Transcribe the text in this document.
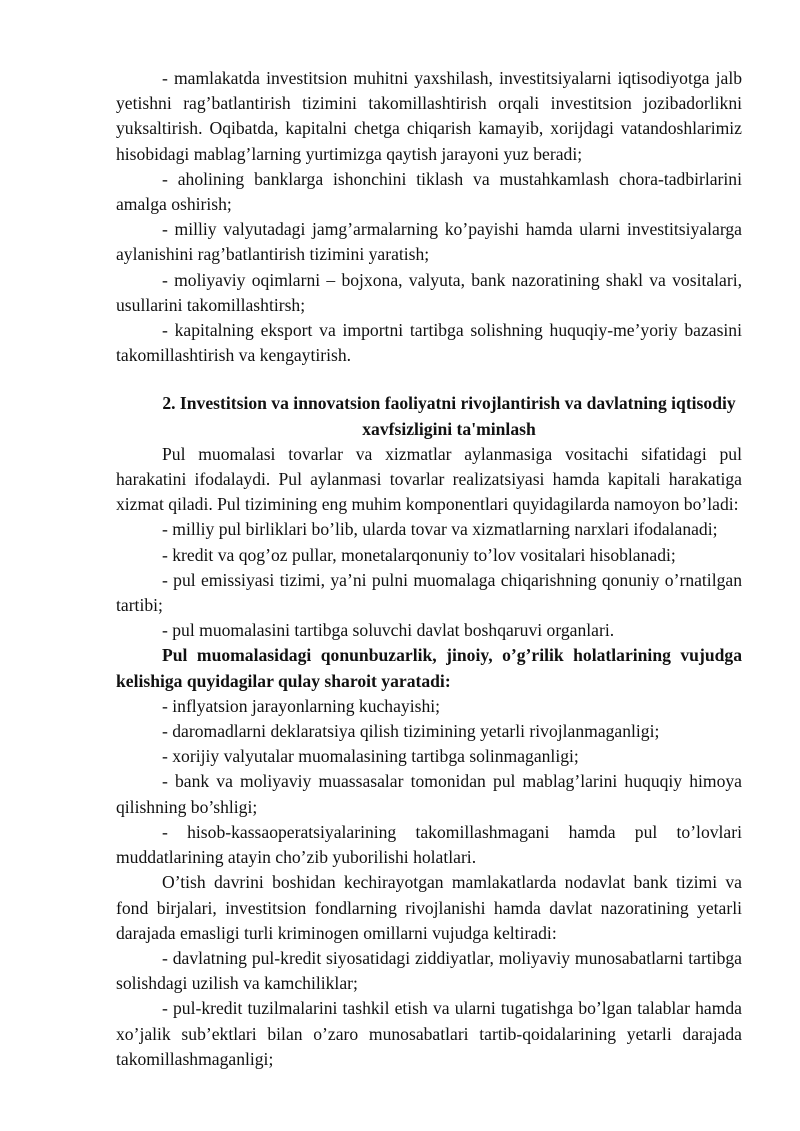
- mamlakatda investitsion muhitni yaxshilash, investitsiyalarni iqtisodiyotga jalb yetishni rag’batlantirish tizimini takomillashtirish orqali investitsion jozibadorlikni yuksaltirish. Oqibatda, kapitalni chetga chiqarish kamayib, xorijdagi vatandoshlarimiz hisobidagi mablag’larning yurtimizga qaytish jarayoni yuz beradi;

- aholining banklarga ishonchini tiklash va mustahkamlash chora-tadbirlarini amalga oshirish;

- milliy valyutadagi jamg’armalarning ko’payishi hamda ularni investitsiyalarga aylanishini rag’batlantirish tizimini yaratish;

- moliyaviy oqimlarni – bojxona, valyuta, bank nazoratining shakl va vositalari, usullarini takomillashtirsh;

- kapitalning eksport va importni tartibga solishning huquqiy-me’yoriy bazasini takomillashtirish va kengaytirish.

2. Investitsion va innovatsion faoliyatni rivojlantirish va davlatning iqtisodiy xavfsizligini ta'minlash

Pul muomalasi tovarlar va xizmatlar aylanmasiga vositachi sifatidagi pul harakatini ifodalaydi. Pul aylanmasi tovarlar realizatsiyasi hamda kapitali harakatiga xizmat qiladi. Pul tizimining eng muhim komponentlari quyidagilarda namoyon bo’ladi:

- milliy pul birliklari bo’lib, ularda tovar va xizmatlarning narxlari ifodalanadi;

- kredit va qog’oz pullar, monetalarqonuniy to’lov vositalari hisoblanadi;

- pul emissiyasi tizimi, ya’ni pulni muomalaga chiqarishning qonuniy o’rnatilgan tartibi;

- pul muomalasini tartibga soluvchi davlat boshqaruvi organlari.

Pul muomalasidagi qonunbuzarlik, jinoiy, o’g’rilik holatlarining vujudga kelishiga quyidagilar qulay sharoit yaratadi:

- inflyatsion jarayonlarning kuchayishi;

- daromadlarni deklaratsiya qilish tizimining yetarli rivojlanmaganligi;

- xorijiy valyutalar muomalasining tartibga solinmaganligi;

- bank va moliyaviy muassasalar tomonidan pul mablag’larini huquqiy himoya qilishning bo’shligi;

- hisob-kassaoperatsiyalarining takomillashmagani hamda pul to’lovlari muddatlarining atayin cho’zib yuborilishi holatlari.

O’tish davrini boshidan kechirayotgan mamlakatlarda nodavlat bank tizimi va fond birjalari, investitsion fondlarning rivojlanishi hamda davlat nazoratining yetarli darajada emasligi turli kriminogen omillarni vujudga keltiradi:

- davlatning pul-kredit siyosatidagi ziddiyatlar, moliyaviy munosabatlarni tartibga solishdagi uzilish va kamchiliklar;

- pul-kredit tuzilmalarini tashkil etish va ularni tugatishga bo’lgan talablar hamda xo’jalik sub’ektlari bilan o’zaro munosabatlari tartib-qoidalarining yetarli darajada takomillashmaganligi;
